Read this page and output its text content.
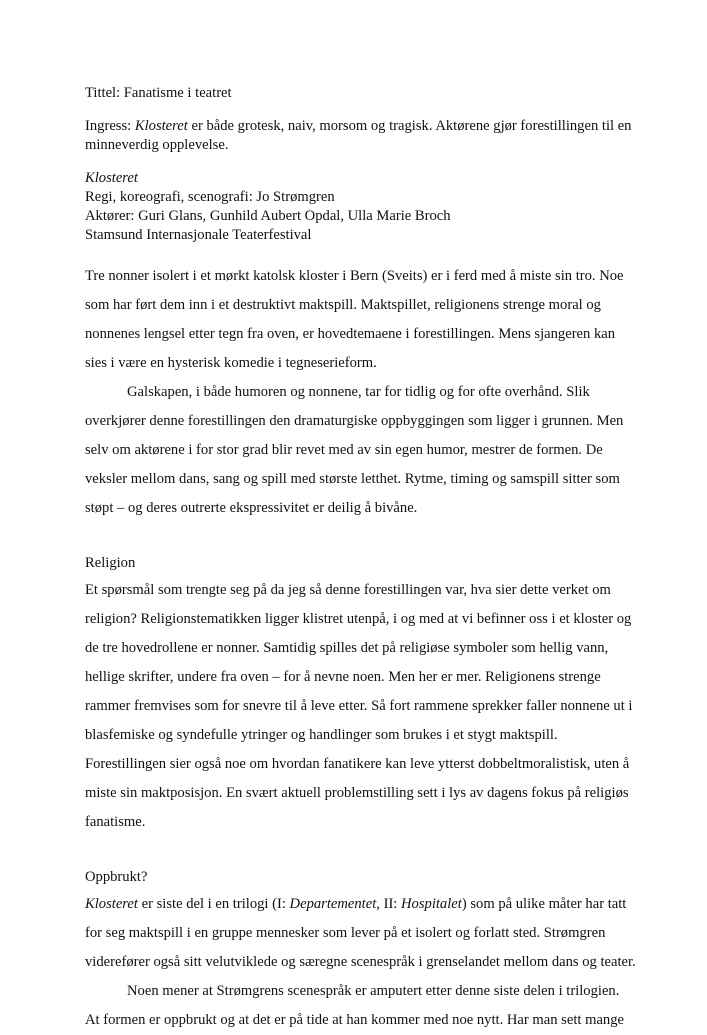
Tittel: Fanatisme i teatret
Ingress: Klosteret er både grotesk, naiv, morsom og tragisk. Aktørene gjør forestillingen til en
minneverdig opplevelse.
Klosteret
Regi, koreografi, scenografi: Jo Strømgren
Aktører: Guri Glans, Gunhild Aubert Opdal, Ulla Marie Broch
Stamsund Internasjonale Teaterfestival
Tre nonner isolert i et mørkt katolsk kloster i Bern (Sveits) er i ferd med å miste sin tro. Noe
som har ført dem inn i et destruktivt maktspill. Maktspillet, religionens strenge moral og
nonnenes lengsel etter tegn fra oven, er hovedtemaene i forestillingen. Mens sjangeren kan
sies i være en hysterisk komedie i tegneserieform.
Galskapen, i både humoren og nonnene, tar for tidlig og for ofte overhånd. Slik
overkjører denne forestillingen den dramaturgiske oppbyggingen som ligger i grunnen. Men
selv om aktørene i for stor grad blir revet med av sin egen humor, mestrer de formen. De
veksler mellom dans, sang og spill med største letthet. Rytme, timing og samspill sitter som
støpt – og deres outrerte ekspressivitet er deilig å bivåne.
Religion
Et spørsmål som trengte seg på da jeg så denne forestillingen var, hva sier dette verket om
religion? Religionstematikken ligger klistret utenpå, i og med at vi befinner oss i et kloster og
de tre hovedrollene er nonner. Samtidig spilles det på religiøse symboler som hellig vann,
hellige skrifter, undere fra oven – for å nevne noen. Men her er mer. Religionens strenge
rammer fremvises som for snevre til å leve etter. Så fort rammene sprekker faller nonnene ut i
blasfemiske og syndefulle ytringer og handlinger som brukes i et stygt maktspill.
Forestillingen sier også noe om hvordan fanatikere kan leve ytterst dobbeltmoralistisk, uten å
miste sin maktposisjon. En svært aktuell problemstilling sett i lys av dagens fokus på religiøs
fanatisme.
Oppbrukt?
Klosteret er siste del i en trilogi (I: Departementet, II: Hospitalet) som på ulike måter har tatt
for seg maktspill i en gruppe mennesker som lever på et isolert og forlatt sted. Strømgren
viderefører også sitt velutviklede og særegne scenespråk i grenselandet mellom dans og teater.
Noen mener at Strømgrens scenespråk er amputert etter denne siste delen i trilogien.
At formen er oppbrukt og at det er på tide at han kommer med noe nytt. Har man sett mange
